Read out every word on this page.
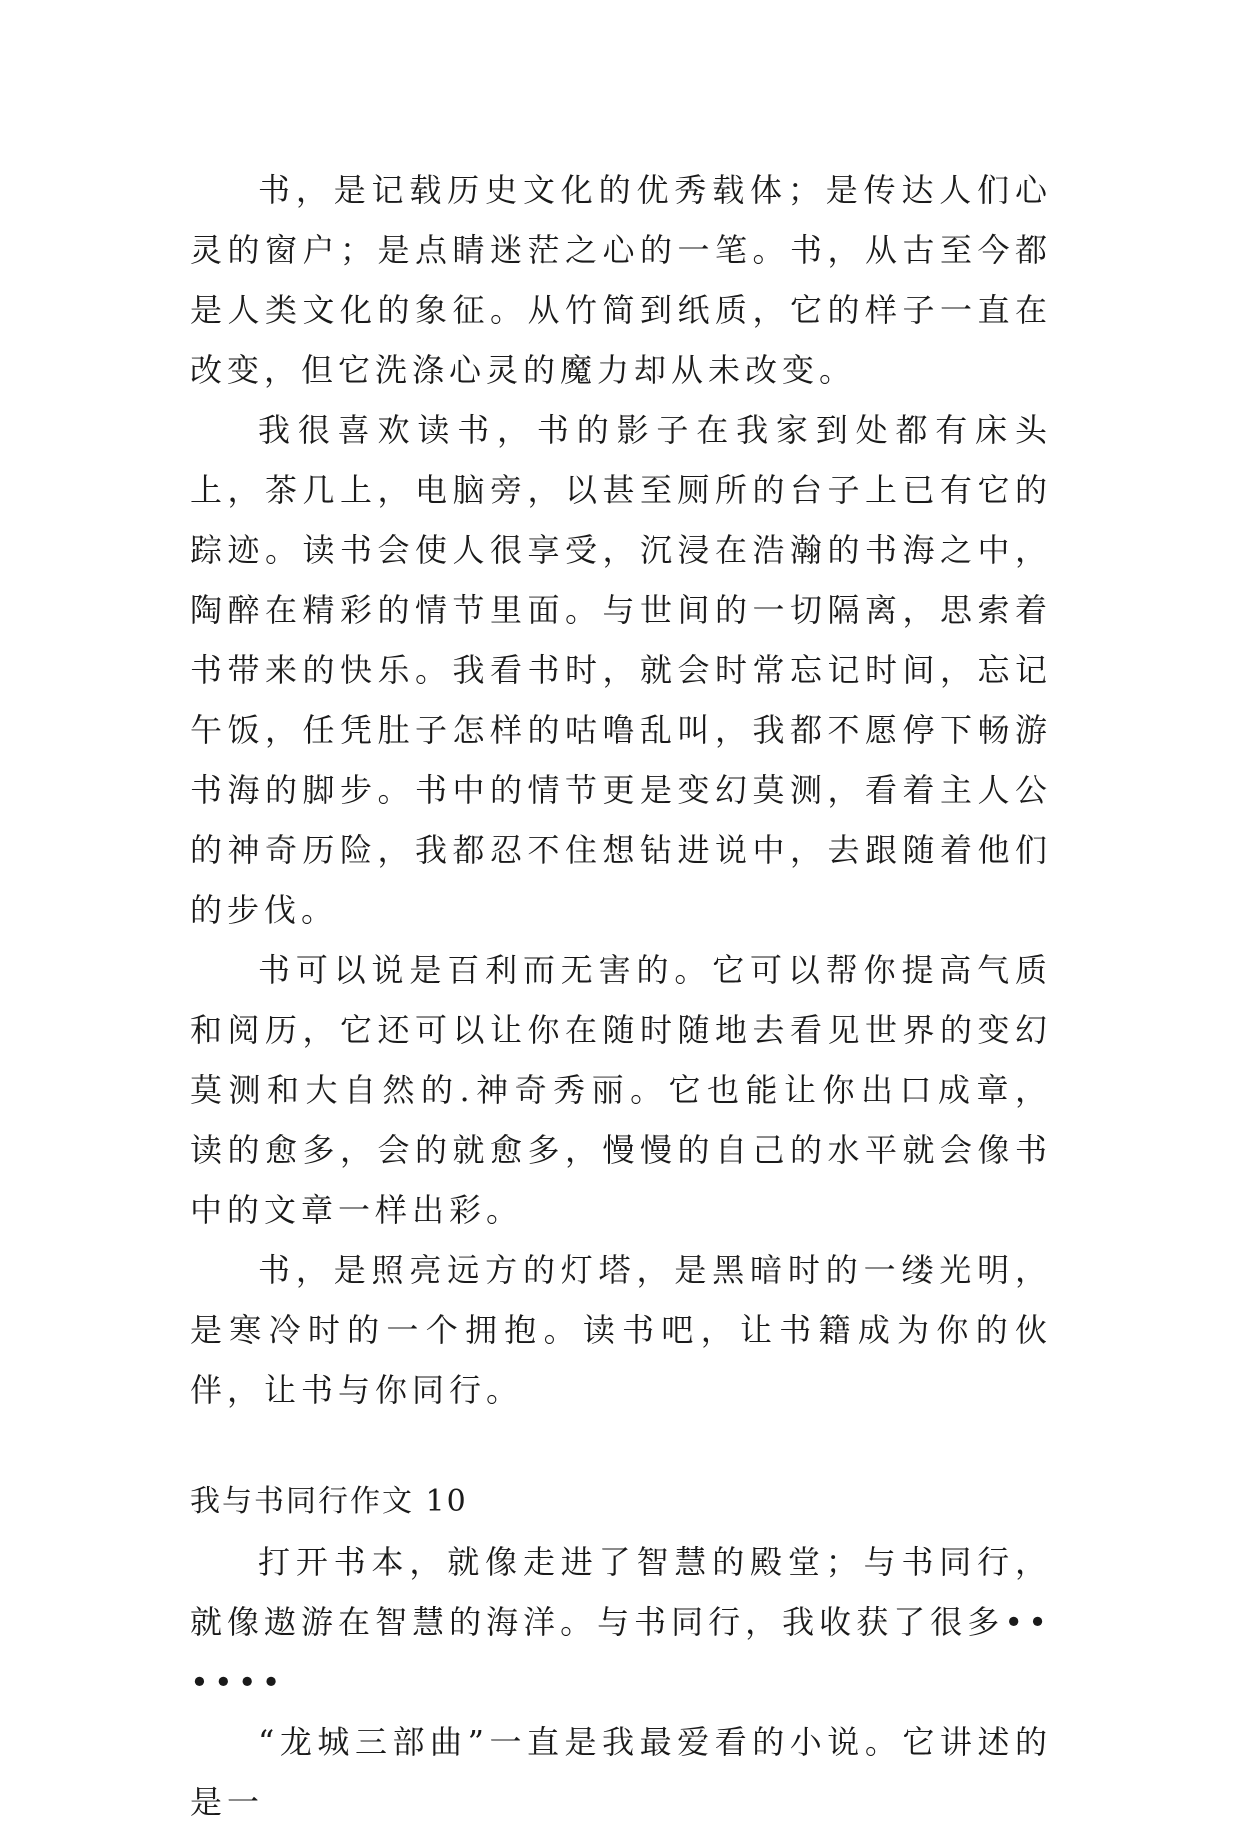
书，是记载历史文化的优秀载体；是传达人们心灵的窗户；是点睛迷茫之心的一笔。书，从古至今都是人类文化的象征。从竹简到纸质，它的样子一直在改变，但它洗涤心灵的魔力却从未改变。

我很喜欢读书，书的影子在我家到处都有床头上，茶几上，电脑旁，以甚至厕所的台子上已有它的踪迹。读书会使人很享受，沉浸在浩瀚的书海之中，陶醉在精彩的情节里面。与世间的一切隔离，思索着书带来的快乐。我看书时，就会时常忘记时间，忘记午饭，任凭肚子怎样的咕噜乱叫，我都不愿停下畅游书海的脚步。书中的情节更是变幻莫测，看着主人公的神奇历险，我都忍不住想钻进说中，去跟随着他们的步伐。

书可以说是百利而无害的。它可以帮你提高气质和阅历，它还可以让你在随时随地去看见世界的变幻莫测和大自然的.神奇秀丽。它也能让你出口成章，读的愈多，会的就愈多，慢慢的自己的水平就会像书中的文章一样出彩。

书，是照亮远方的灯塔，是黑暗时的一缕光明，是寒冷时的一个拥抱。读书吧，让书籍成为你的伙伴，让书与你同行。

我与书同行作文 10

打开书本，就像走进了智慧的殿堂；与书同行，就像遨游在智慧的海洋。与书同行，我收获了很多••••••

“龙城三部曲”一直是我最爱看的小说。它讲述的是一
